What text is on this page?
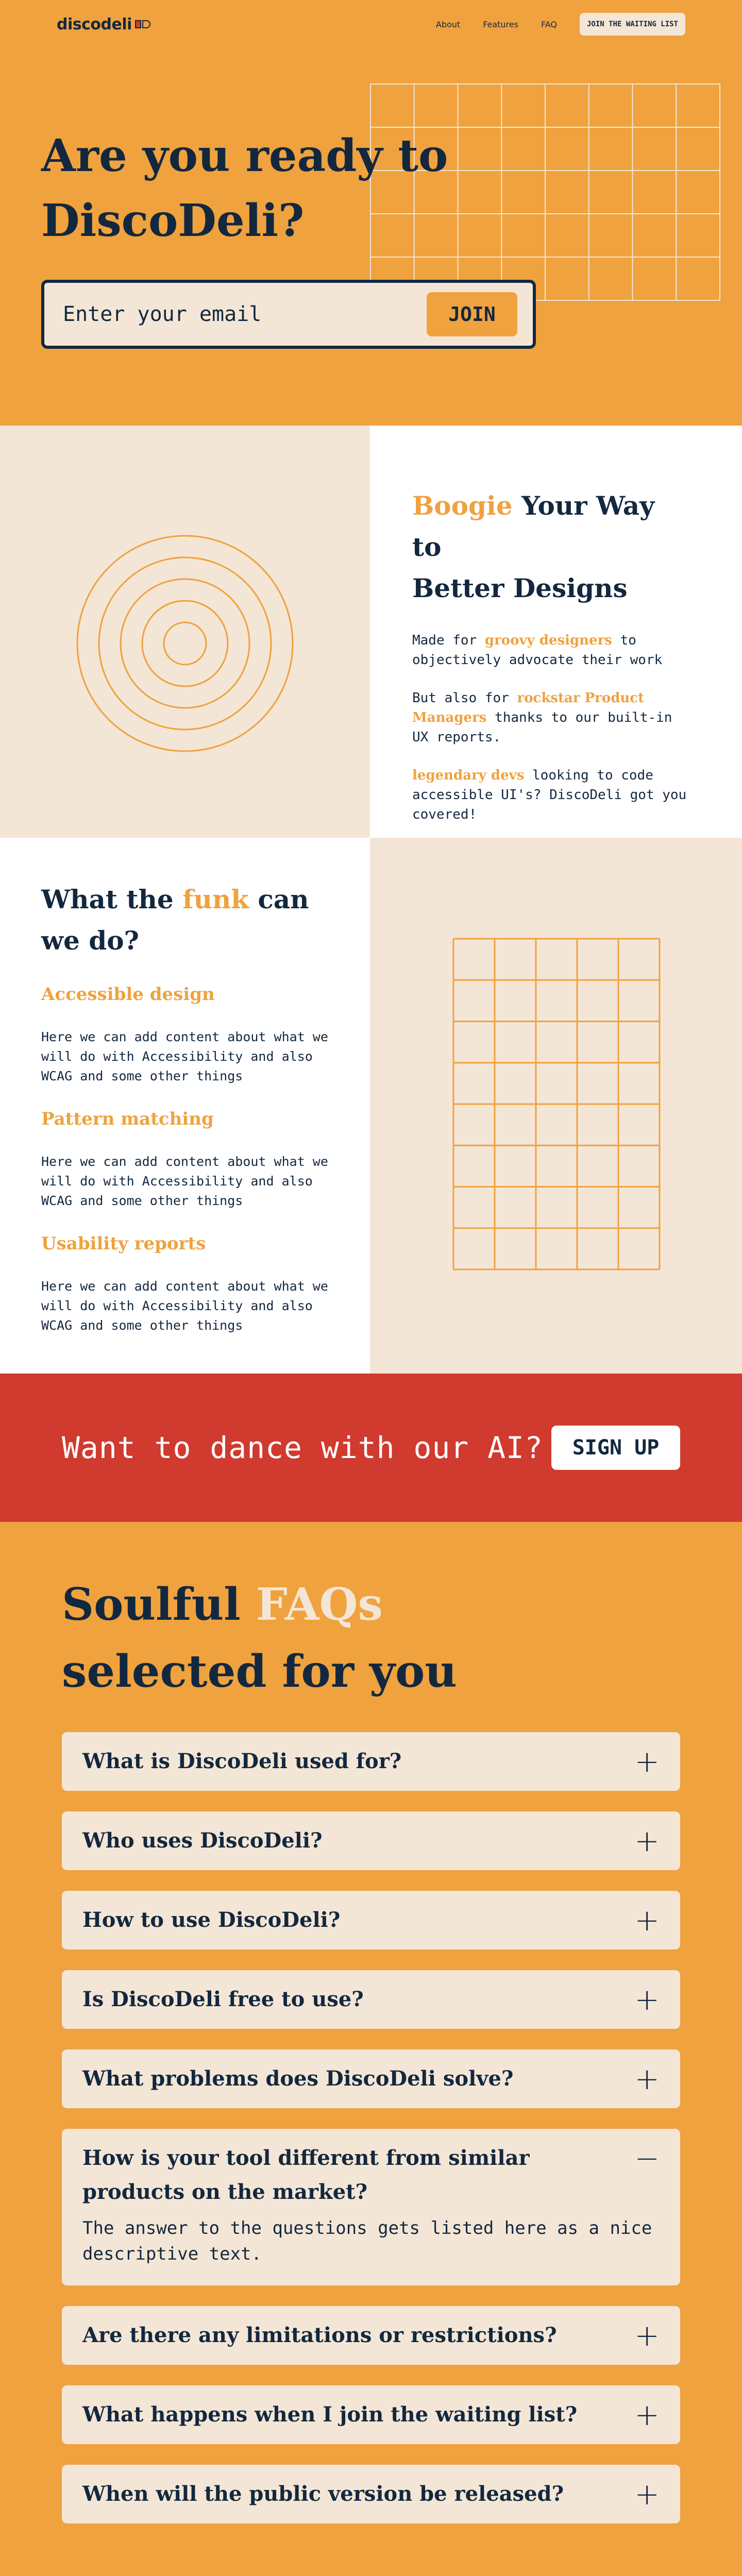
discodeli	About	Features	FAQ	JOIN THE WAITING LIST
Are you ready to
DiscoDeli?
Enter your email	JOIN
Boogie Your Way to
Better Designs

Made for groovy designers to objectively advocate their work

But also for rockstar Product Managers thanks to our built-in UX reports.

legendary devs looking to code accessible UI's? DiscoDeli got you covered!

What the funk can
we do?
Accessible design

Here we can add content about what we will do with Accessibility and also WCAG and some other things

Pattern matching

Here we can add content about what we will do with Accessibility and also WCAG and some other things

Usability reports

Here we can add content about what we will do with Accessibility and also WCAG and some other things

Want to dance with our AI?	SIGN UP
Soulful FAQs
selected for you
What is DiscoDeli used for?	+
Who uses DiscoDeli?	+
How to use DiscoDeli?	+
Is DiscoDeli free to use?	+
What problems does DiscoDeli solve?	+
How is your tool different from similar products on the market?
−
The answer to the questions gets listed here as a nice descriptive text.
Are there any limitations or restrictions?	+
What happens when I join the waiting list?	+
When will the public version be released?	+
